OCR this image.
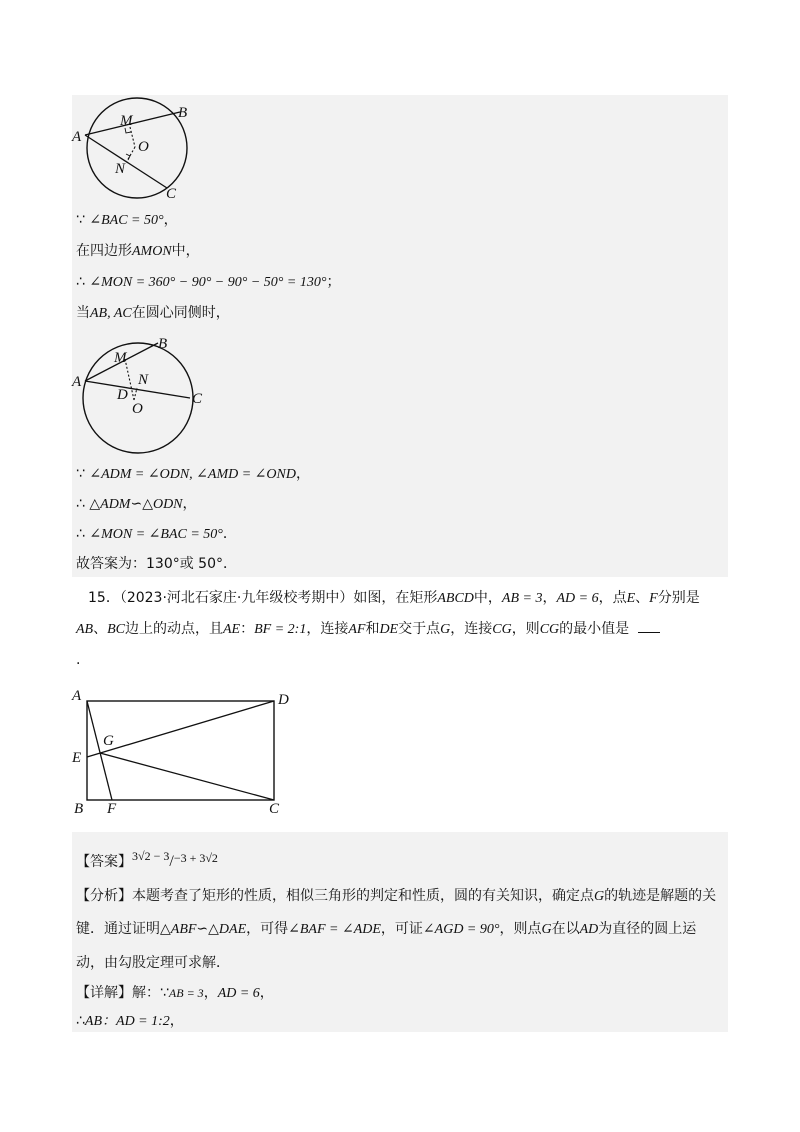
A
B
C
M
N
O
∵ ∠BAC = 50°，
在四边形AMON中，
∴ ∠MON = 360° − 90° − 90° − 50° = 130°；
当AB, AC在圆心同侧时，
A
B
C
M
N
D
O
∵ ∠ADM = ∠ODN, ∠AMD = ∠OND，
∴ △ADM∽△ODN，
∴ ∠MON = ∠BAC = 50°．
故答案为：130°或 50°．
15．（2023·河北石家庄·九年级校考期中）如图，在矩形ABCD中，AB = 3，AD = 6，点E、F分别是
AB、BC边上的动点，且AE：BF = 2:1，连接AF和DE交于点G，连接CG，则CG的最小值是
.
A	D
E
G
B F	C
【答案】3√2 − 3/−3 + 3√2
【分析】本题考查了矩形的性质，相似三角形的判定和性质，圆的有关知识，确定点G的轨迹是解题的关
键．通过证明△ABF∽△DAE，可得∠BAF = ∠ADE，可证∠AGD = 90°，则点G在以AD为直径的圆上运
动，由勾股定理可求解．
【详解】解：∵AB = 3，AD = 6，
∴AB：AD = 1:2，
